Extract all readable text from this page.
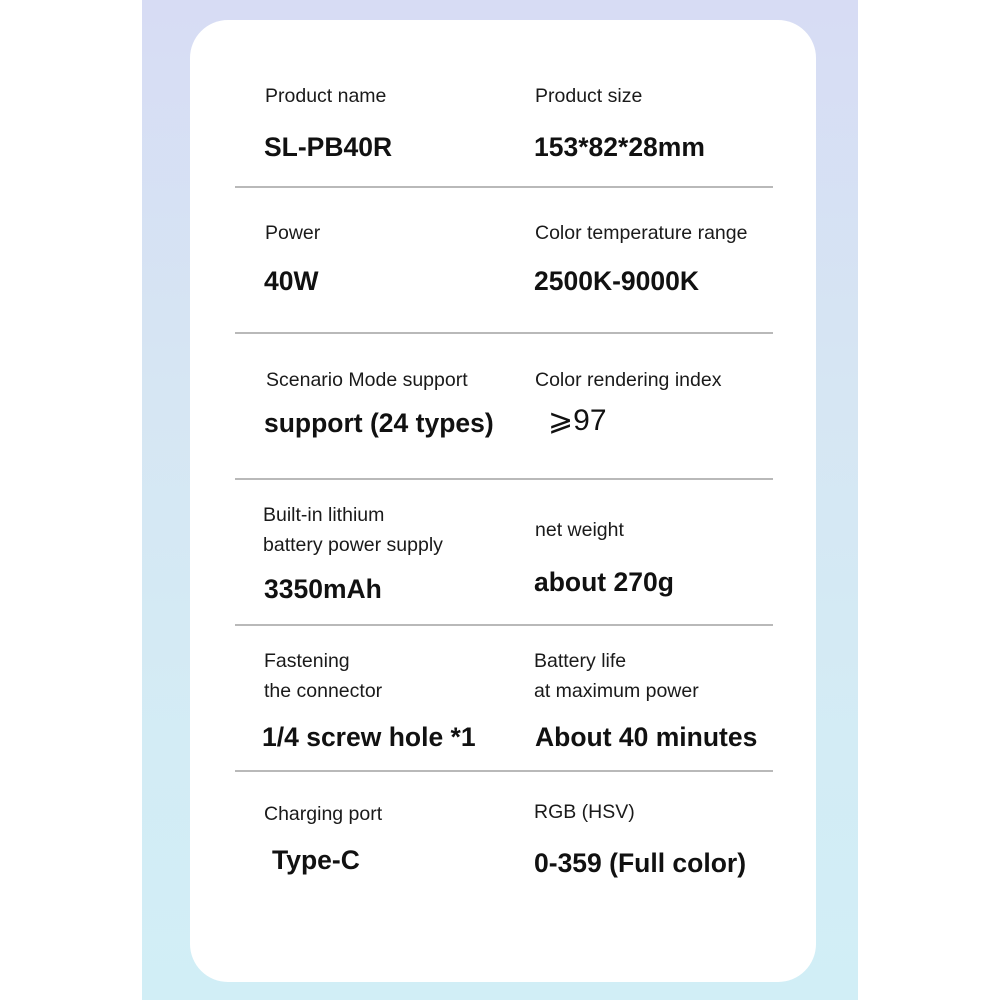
Product name
SL-PB40R
Product size
153*82*28mm
Power
40W
Color temperature range
2500K-9000K
Scenario Mode support
support (24 types)
Color rendering index
⩾97
Built-in lithium
battery power supply
3350mAh
net weight
about 270g
Fastening
the connector
1/4 screw hole *1
Battery life
at maximum power
About 40 minutes
Charging port
Type-C
RGB (HSV)
0-359 (Full color)
